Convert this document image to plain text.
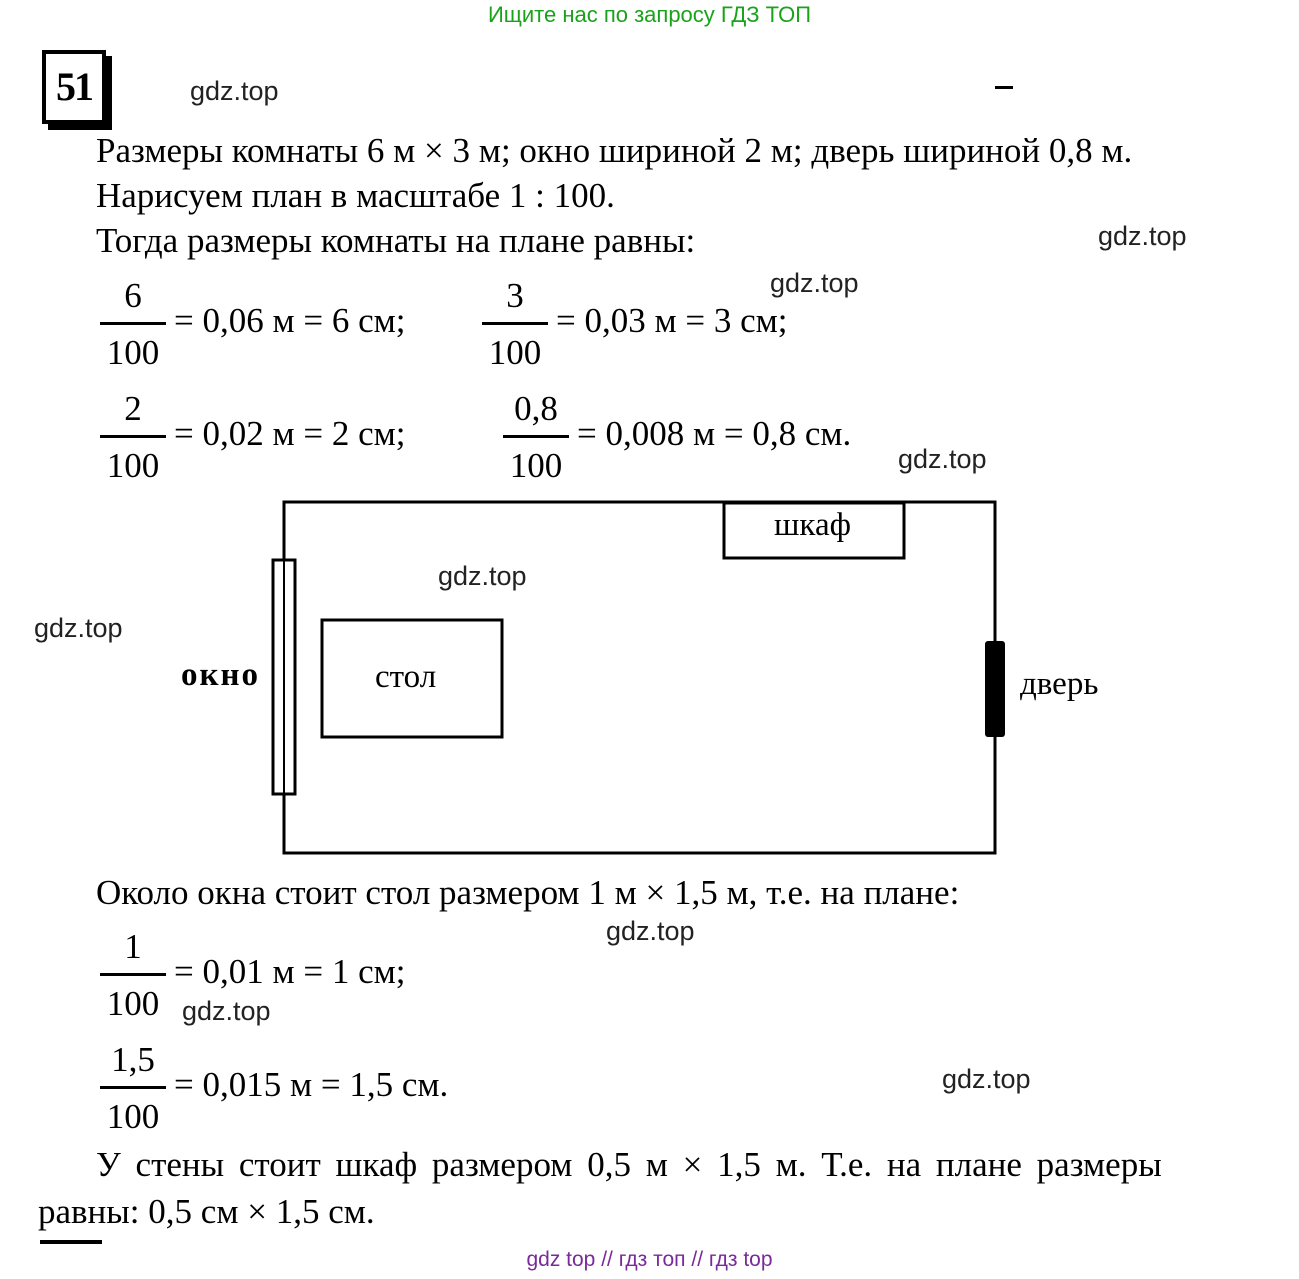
Ищите нас по запросу ГДЗ ТОП
51	gdz.top
Размеры комнаты 6 м × 3 м; окно шириной 2 м; дверь шириной 0,8 м.
Нарисуем план в масштабе 1 : 100.
Тогда размеры комнаты на плане равны:	gdz.top
6
100
= 0,06 м = 6 см;
3
100
= 0,03 м = 3 см;
gdz.top
2
100
= 0,02 м = 2 см;
0,8
100
= 0,008 м = 0,8 см.
gdz.top
шкаф
окно	стол	дверь
gdz.top
gdz.top
Около окна стоит стол размером 1 м × 1,5 м, т.е. на плане:
gdz.top
1
100
= 0,01 м = 1 см;
gdz.top
1,5
100
= 0,015 м = 1,5 см.	gdz.top
У стены стоит шкаф размером 0,5 м × 1,5 м. Т.е. на плане размеры
равны: 0,5 см × 1,5 см.
gdz top // гдз топ // гдз top
